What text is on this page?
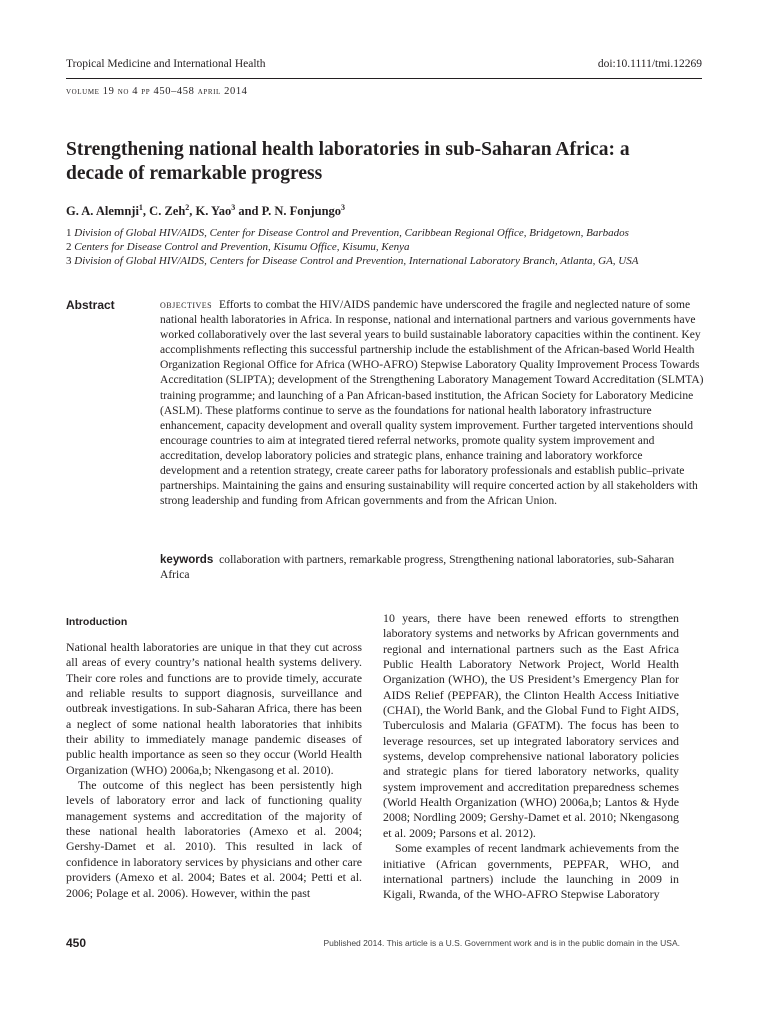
Tropical Medicine and International Health	doi:10.1111/tmi.12269
volume 19 no 4 pp 450–458 april 2014
Strengthening national health laboratories in sub-Saharan Africa: a decade of remarkable progress
G. A. Alemnji$^1$, C. Zeh$^2$, K. Yao$^3$ and P. N. Fonjungo$^3$
1 Division of Global HIV/AIDS, Center for Disease Control and Prevention, Caribbean Regional Office, Bridgetown, Barbados
2 Centers for Disease Control and Prevention, Kisumu Office, Kisumu, Kenya
3 Division of Global HIV/AIDS, Centers for Disease Control and Prevention, International Laboratory Branch, Atlanta, GA, USA
Abstract	objectives Efforts to combat the HIV/AIDS pandemic have underscored the fragile and neglected nature of some national health laboratories in Africa. In response, national and international partners and various governments have worked collaboratively over the last several years to build sustainable laboratory capacities within the continent. Key accomplishments reflecting this successful partnership include the establishment of the African-based World Health Organization Regional Office for Africa (WHO-AFRO) Stepwise Laboratory Quality Improvement Process Towards Accreditation (SLIPTA); development of the Strengthening Laboratory Management Toward Accreditation (SLMTA) training programme; and launching of a Pan African-based institution, the African Society for Laboratory Medicine (ASLM). These platforms continue to serve as the foundations for national health laboratory infrastructure enhancement, capacity development and overall quality system improvement. Further targeted interventions should encourage countries to aim at integrated tiered referral networks, promote quality system improvement and accreditation, develop laboratory policies and strategic plans, enhance training and laboratory workforce development and a retention strategy, create career paths for laboratory professionals and establish public–private partnerships. Maintaining the gains and ensuring sustainability will require concerted action by all stakeholders with strong leadership and funding from African governments and from the African Union.
keywords collaboration with partners, remarkable progress, Strengthening national laboratories, sub-Saharan Africa
Introduction

National health laboratories are unique in that they cut across all areas of every country’s national health systems delivery. Their core roles and functions are to provide timely, accurate and reliable results to support diagnosis, surveillance and outbreak investigations. In sub-Saharan Africa, there has been a neglect of some national health laboratories that inhibits their ability to immediately manage pandemic diseases of public health importance as seen so they occur (World Health Organization (WHO) 2006a,b; Nkengasong et al. 2010).

The outcome of this neglect has been persistently high levels of laboratory error and lack of functioning quality management systems and accreditation of the majority of these national health laboratories (Amexo et al. 2004; Gershy-Damet et al. 2010). This resulted in lack of confidence in laboratory services by physicians and other care providers (Amexo et al. 2004; Bates et al. 2004; Petti et al. 2006; Polage et al. 2006). However, within the past

10 years, there have been renewed efforts to strengthen laboratory systems and networks by African governments and regional and international partners such as the East Africa Public Health Laboratory Network Project, World Health Organization (WHO), the US President’s Emergency Plan for AIDS Relief (PEPFAR), the Clinton Health Access Initiative (CHAI), the World Bank, and the Global Fund to Fight AIDS, Tuberculosis and Malaria (GFATM). The focus has been to leverage resources, set up integrated laboratory services and systems, develop comprehensive national laboratory policies and strategic plans for tiered laboratory networks, quality system improvement and accreditation preparedness schemes (World Health Organization (WHO) 2006a,b; Lantos & Hyde 2008; Nordling 2009; Gershy-Damet et al. 2010; Nkengasong et al. 2009; Parsons et al. 2012).

Some examples of recent landmark achievements from the initiative (African governments, PEPFAR, WHO, and international partners) include the launching in 2009 in Kigali, Rwanda, of the WHO-AFRO Stepwise Laboratory

450	Published 2014. This article is a U.S. Government work and is in the public domain in the USA.
